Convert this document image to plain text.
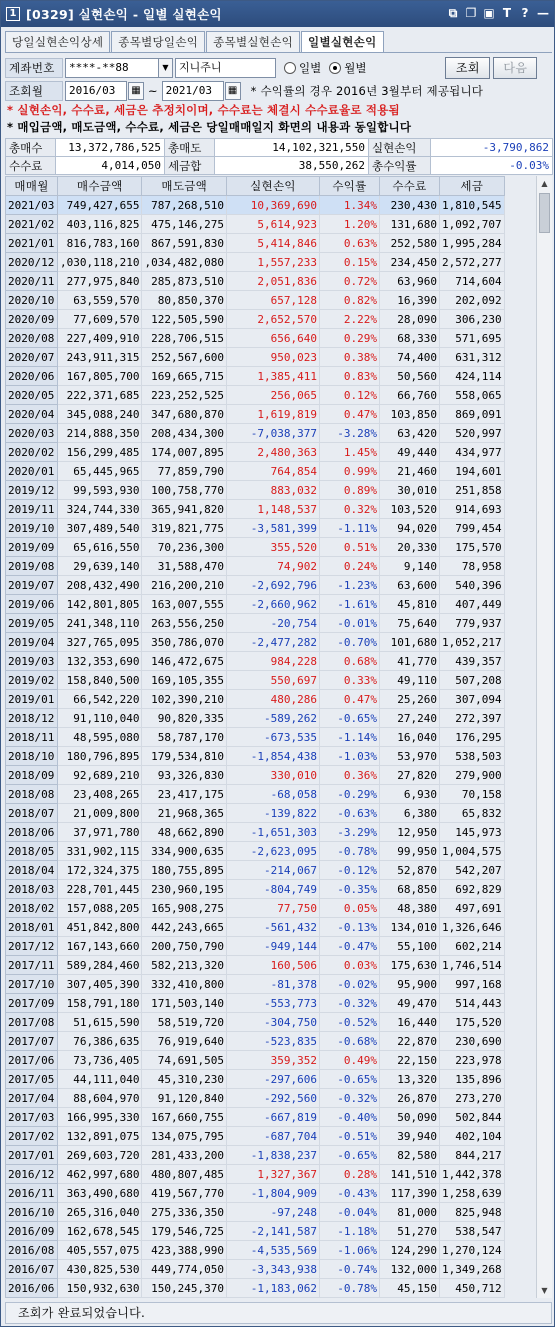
1 [0329] 실현손익 - 일별 실현손익	⧉ ❐ ▣ T ? —
당일실현손익상세	종목별당일손익	종목별실현손익	일별실현손익
계좌번호	****-**88	▼ 지니주니	일별 월별	조회	다음
조회월	2016/03	▦ ~ 2021/03	▦ * 수익률의 경우 2016년 3월부터 제공됩니다
* 실현손익, 수수료, 세금은 추정치이며, 수수료는 체결시 수수료율로 적용됨
* 매입금액, 매도금액, 수수료, 세금은 당일매매일지 화면의 내용과 동일합니다
총매수	13,372,786,525	총매도	14,102,321,550	실현손익	-3,790,862
수수료	4,014,050	세금합	38,550,262	총수익률	-0.03%
매매월	매수금액	매도금액	실현손익	수익률	수수료	세금
2021/03	749,427,655	787,268,510	10,369,690	1.34%	230,430	1,810,545
2021/02	403,116,825	475,146,275	5,614,923	1.20%	131,680	1,092,707
2021/01	816,783,160	867,591,830	5,414,846	0.63%	252,580	1,995,284
2020/12	,030,118,210	,034,482,080	1,557,233	0.15%	234,450	2,572,277
2020/11	277,975,840	285,873,510	2,051,836	0.72%	63,960	714,604
2020/10	63,559,570	80,850,370	657,128	0.82%	16,390	202,092
2020/09	77,609,570	122,505,590	2,652,570	2.22%	28,090	306,230
2020/08	227,409,910	228,706,515	656,640	0.29%	68,330	571,695
2020/07	243,911,315	252,567,600	950,023	0.38%	74,400	631,312
2020/06	167,805,700	169,665,715	1,385,411	0.83%	50,560	424,114
2020/05	222,371,685	223,252,525	256,065	0.12%	66,760	558,065
2020/04	345,088,240	347,680,870	1,619,819	0.47%	103,850	869,091
2020/03	214,888,350	208,434,300	-7,038,377	-3.28%	63,420	520,997
2020/02	156,299,485	174,007,895	2,480,363	1.45%	49,440	434,977
2020/01	65,445,965	77,859,790	764,854	0.99%	21,460	194,601
2019/12	99,593,930	100,758,770	883,032	0.89%	30,010	251,858
2019/11	324,744,330	365,941,820	1,148,537	0.32%	103,520	914,693
2019/10	307,489,540	319,821,775	-3,581,399	-1.11%	94,020	799,454
2019/09	65,616,550	70,236,300	355,520	0.51%	20,330	175,570
2019/08	29,639,140	31,588,470	74,902	0.24%	9,140	78,958
2019/07	208,432,490	216,200,210	-2,692,796	-1.23%	63,600	540,396
2019/06	142,801,805	163,007,555	-2,660,962	-1.61%	45,810	407,449
2019/05	241,348,110	263,556,250	-20,754	-0.01%	75,640	779,937
2019/04	327,765,095	350,786,070	-2,477,282	-0.70%	101,680	1,052,217
2019/03	132,353,690	146,472,675	984,228	0.68%	41,770	439,357
2019/02	158,840,500	169,105,355	550,697	0.33%	49,110	507,208
2019/01	66,542,220	102,390,210	480,286	0.47%	25,260	307,094
2018/12	91,110,040	90,820,335	-589,262	-0.65%	27,240	272,397
2018/11	48,595,080	58,787,170	-673,535	-1.14%	16,040	176,295
2018/10	180,796,895	179,534,810	-1,854,438	-1.03%	53,970	538,503
2018/09	92,689,210	93,326,830	330,010	0.36%	27,820	279,900
2018/08	23,408,265	23,417,175	-68,058	-0.29%	6,930	70,158
2018/07	21,009,800	21,968,365	-139,822	-0.63%	6,380	65,832
2018/06	37,971,780	48,662,890	-1,651,303	-3.29%	12,950	145,973
2018/05	331,902,115	334,900,635	-2,623,095	-0.78%	99,950	1,004,575
2018/04	172,324,375	180,755,895	-214,067	-0.12%	52,870	542,207
2018/03	228,701,445	230,960,195	-804,749	-0.35%	68,850	692,829
2018/02	157,088,205	165,908,275	77,750	0.05%	48,380	497,691
2018/01	451,842,800	442,243,665	-561,432	-0.13%	134,010	1,326,646
2017/12	167,143,660	200,750,790	-949,144	-0.47%	55,100	602,214
2017/11	589,284,460	582,213,320	160,506	0.03%	175,630	1,746,514
2017/10	307,405,390	332,410,800	-81,378	-0.02%	95,900	997,168
2017/09	158,791,180	171,503,140	-553,773	-0.32%	49,470	514,443
2017/08	51,615,590	58,519,720	-304,750	-0.52%	16,440	175,520
2017/07	76,386,635	76,919,640	-523,835	-0.68%	22,870	230,690
2017/06	73,736,405	74,691,505	359,352	0.49%	22,150	223,978
2017/05	44,111,040	45,310,230	-297,606	-0.65%	13,320	135,896
2017/04	88,604,970	91,120,840	-292,560	-0.32%	26,870	273,270
2017/03	166,995,330	167,660,755	-667,819	-0.40%	50,090	502,844
2017/02	132,891,075	134,075,795	-687,704	-0.51%	39,940	402,104
2017/01	269,603,720	281,433,200	-1,838,237	-0.65%	82,580	844,217
2016/12	462,997,680	480,807,485	1,327,367	0.28%	141,510	1,442,378
2016/11	363,490,680	419,567,770	-1,804,909	-0.43%	117,390	1,258,639
2016/10	265,316,040	275,336,350	-97,248	-0.04%	81,000	825,948
2016/09	162,678,545	179,546,725	-2,141,587	-1.18%	51,270	538,547
2016/08	405,557,075	423,388,990	-4,535,569	-1.06%	124,290	1,270,124
2016/07	430,825,530	449,774,050	-3,343,938	-0.74%	132,000	1,349,268
2016/06	150,932,630	150,245,370	-1,183,062	-0.78%	45,150	450,712
▲
▼
조회가 완료되었습니다.
